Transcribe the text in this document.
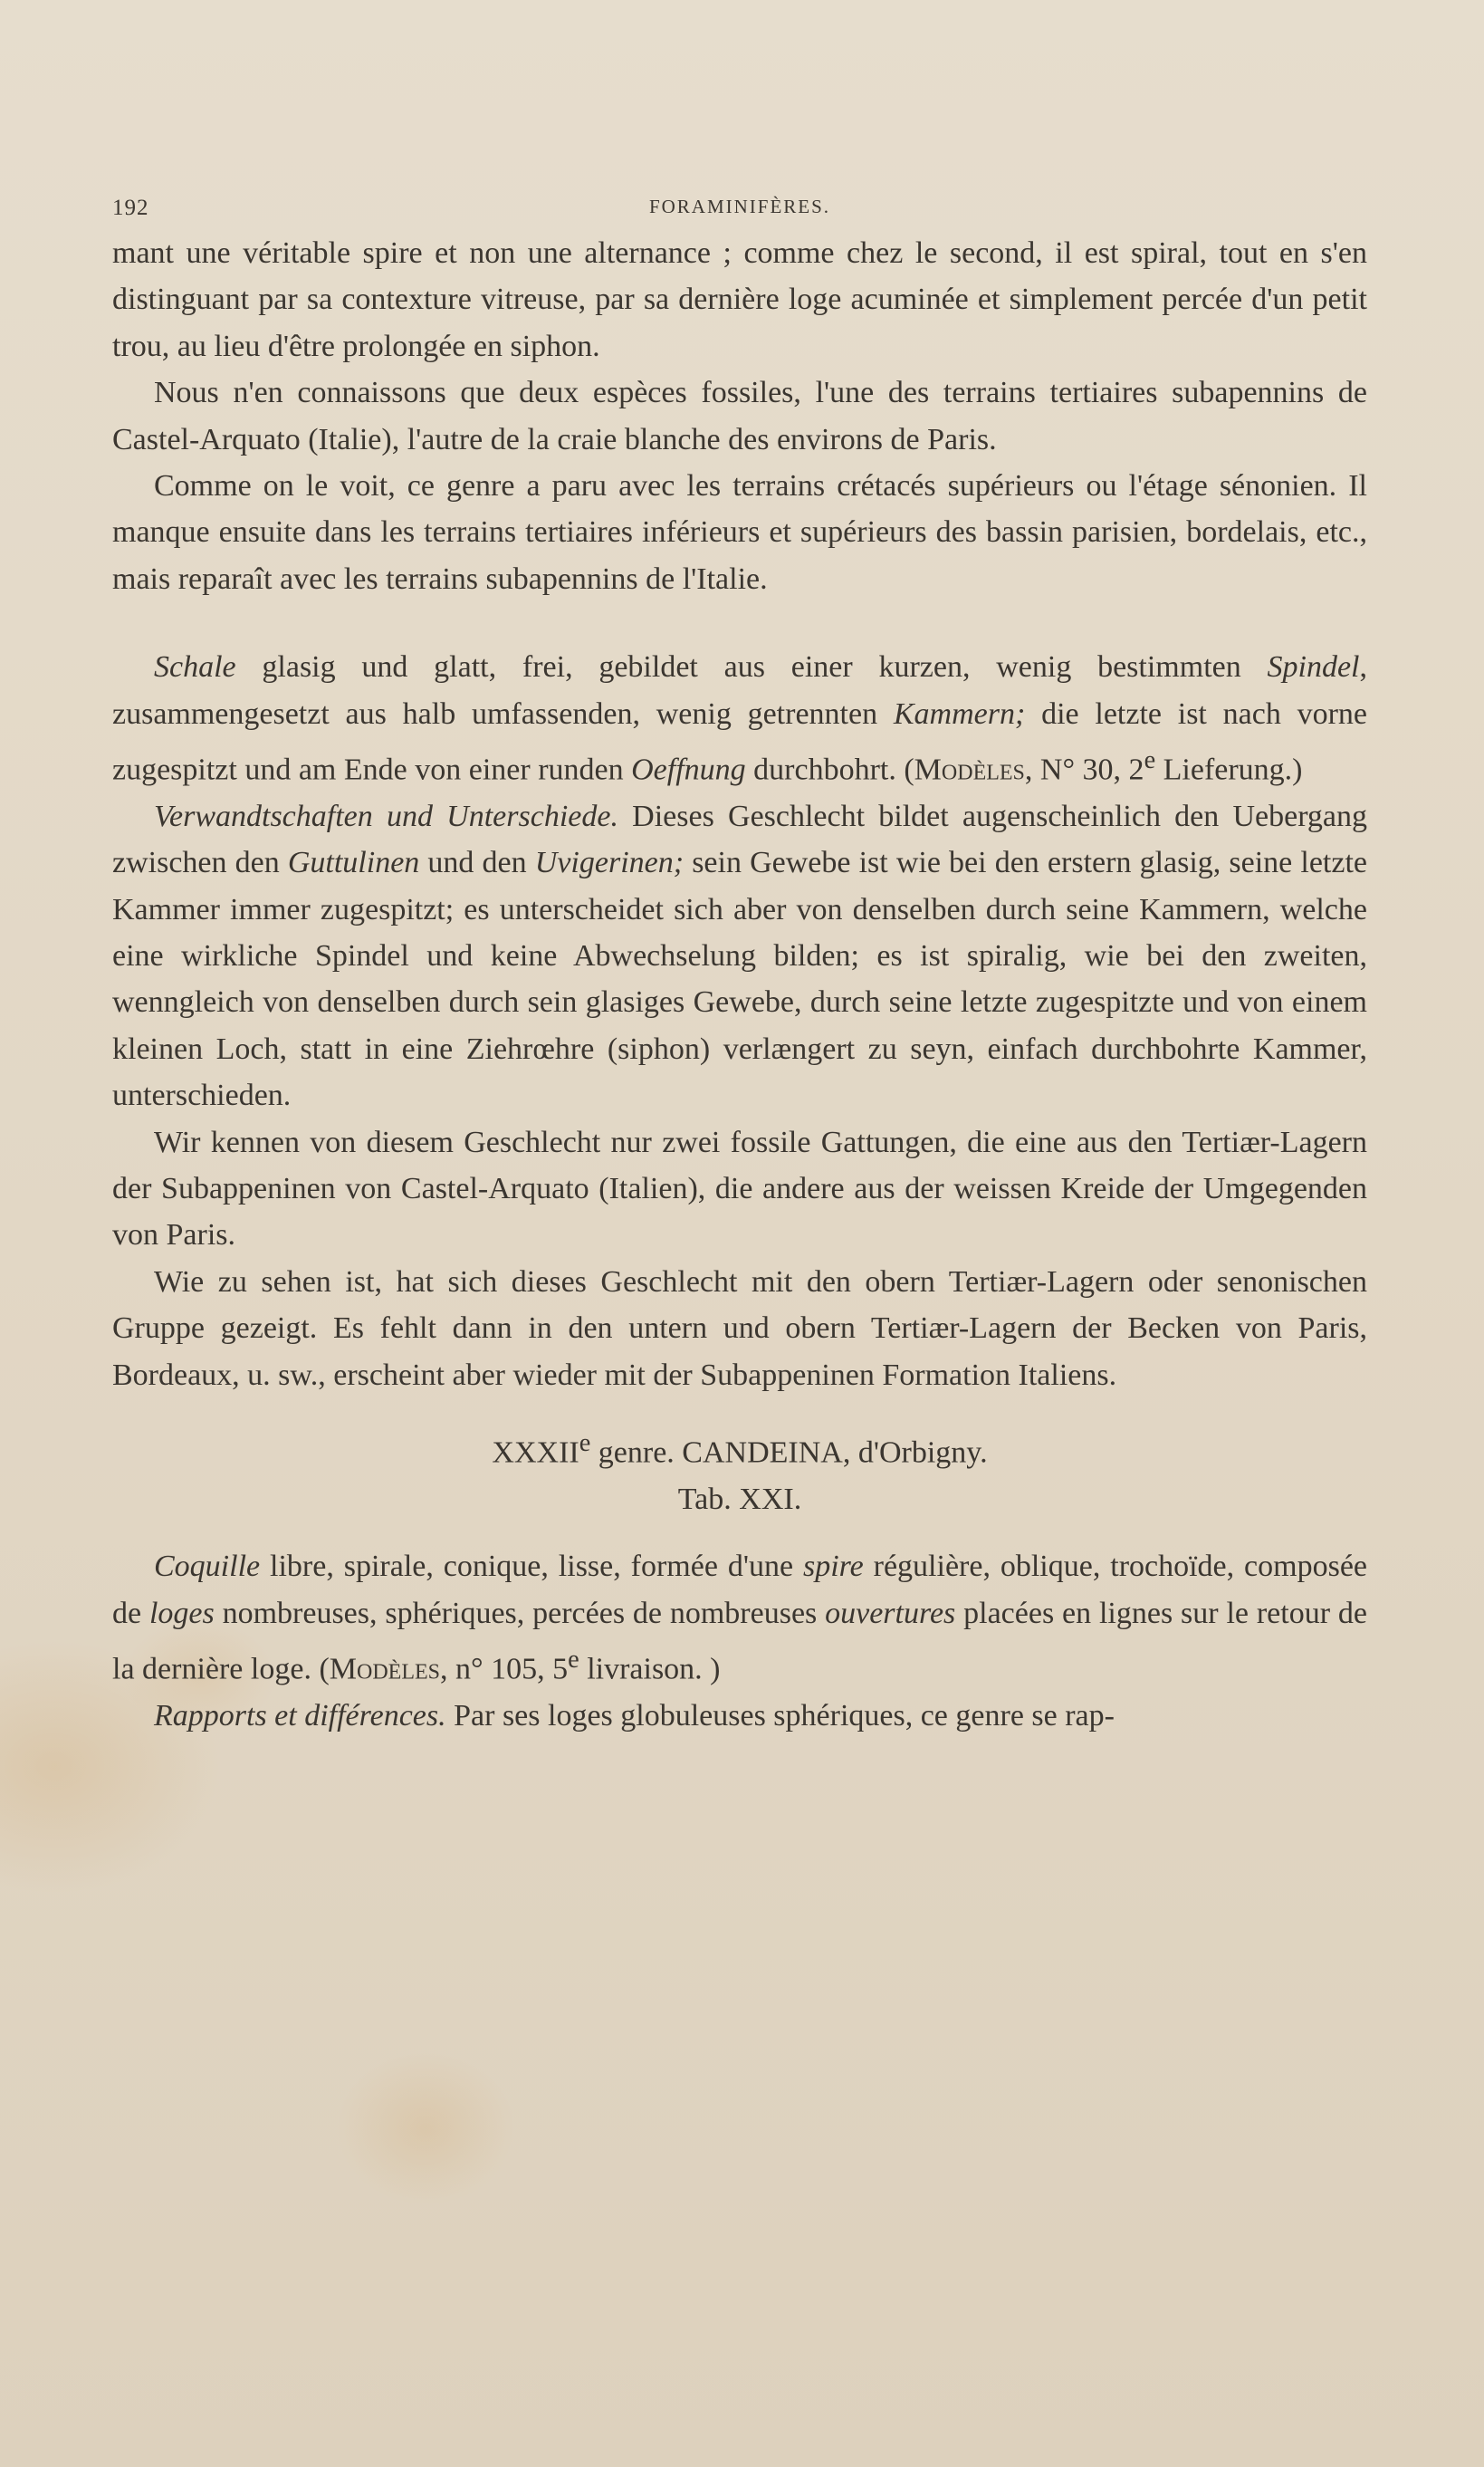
192	FORAMINIFÈRES.

mant une véritable spire et non une alternance ; comme chez le second, il est spiral, tout en s'en distinguant par sa contexture vitreuse, par sa dernière loge acuminée et simplement percée d'un petit trou, au lieu d'être prolongée en siphon.

Nous n'en connaissons que deux espèces fossiles, l'une des terrains tertiaires subapennins de Castel-Arquato (Italie), l'autre de la craie blanche des environs de Paris.

Comme on le voit, ce genre a paru avec les terrains crétacés supérieurs ou l'étage sénonien. Il manque ensuite dans les terrains tertiaires inférieurs et supérieurs des bassin parisien, bordelais, etc., mais reparaît avec les terrains subapennins de l'Italie.

Schale glasig und glatt, frei, gebildet aus einer kurzen, wenig bestimmten Spindel, zusammengesetzt aus halb umfassenden, wenig getrennten Kammern; die letzte ist nach vorne zugespitzt und am Ende von einer runden Oeffnung durchbohrt. (Modèles, N° 30, 2e Lieferung.)

Verwandtschaften und Unterschiede. Dieses Geschlecht bildet augenscheinlich den Uebergang zwischen den Guttulinen und den Uvigerinen; sein Gewebe ist wie bei den erstern glasig, seine letzte Kammer immer zugespitzt; es unterscheidet sich aber von denselben durch seine Kammern, welche eine wirkliche Spindel und keine Abwechselung bilden; es ist spiralig, wie bei den zweiten, wenngleich von denselben durch sein glasiges Gewebe, durch seine letzte zugespitzte und von einem kleinen Loch, statt in eine Ziehrœhre (siphon) verlængert zu seyn, einfach durchbohrte Kammer, unterschieden.

Wir kennen von diesem Geschlecht nur zwei fossile Gattungen, die eine aus den Tertiær-Lagern der Subappeninen von Castel-Arquato (Italien), die andere aus der weissen Kreide der Umgegenden von Paris.

Wie zu sehen ist, hat sich dieses Geschlecht mit den obern Tertiær-Lagern oder senonischen Gruppe gezeigt. Es fehlt dann in den untern und obern Tertiær-Lagern der Becken von Paris, Bordeaux, u. sw., erscheint aber wieder mit der Subappeninen Formation Italiens.

XXXIIe genre. CANDEINA, d'Orbigny.
Tab. XXI.

Coquille libre, spirale, conique, lisse, formée d'une spire régulière, oblique, trochoïde, composée de loges nombreuses, sphériques, percées de nombreuses ouvertures placées en lignes sur le retour de la dernière loge. (Modèles, n° 105, 5e livraison. )

Rapports et différences. Par ses loges globuleuses sphériques, ce genre se rap-
